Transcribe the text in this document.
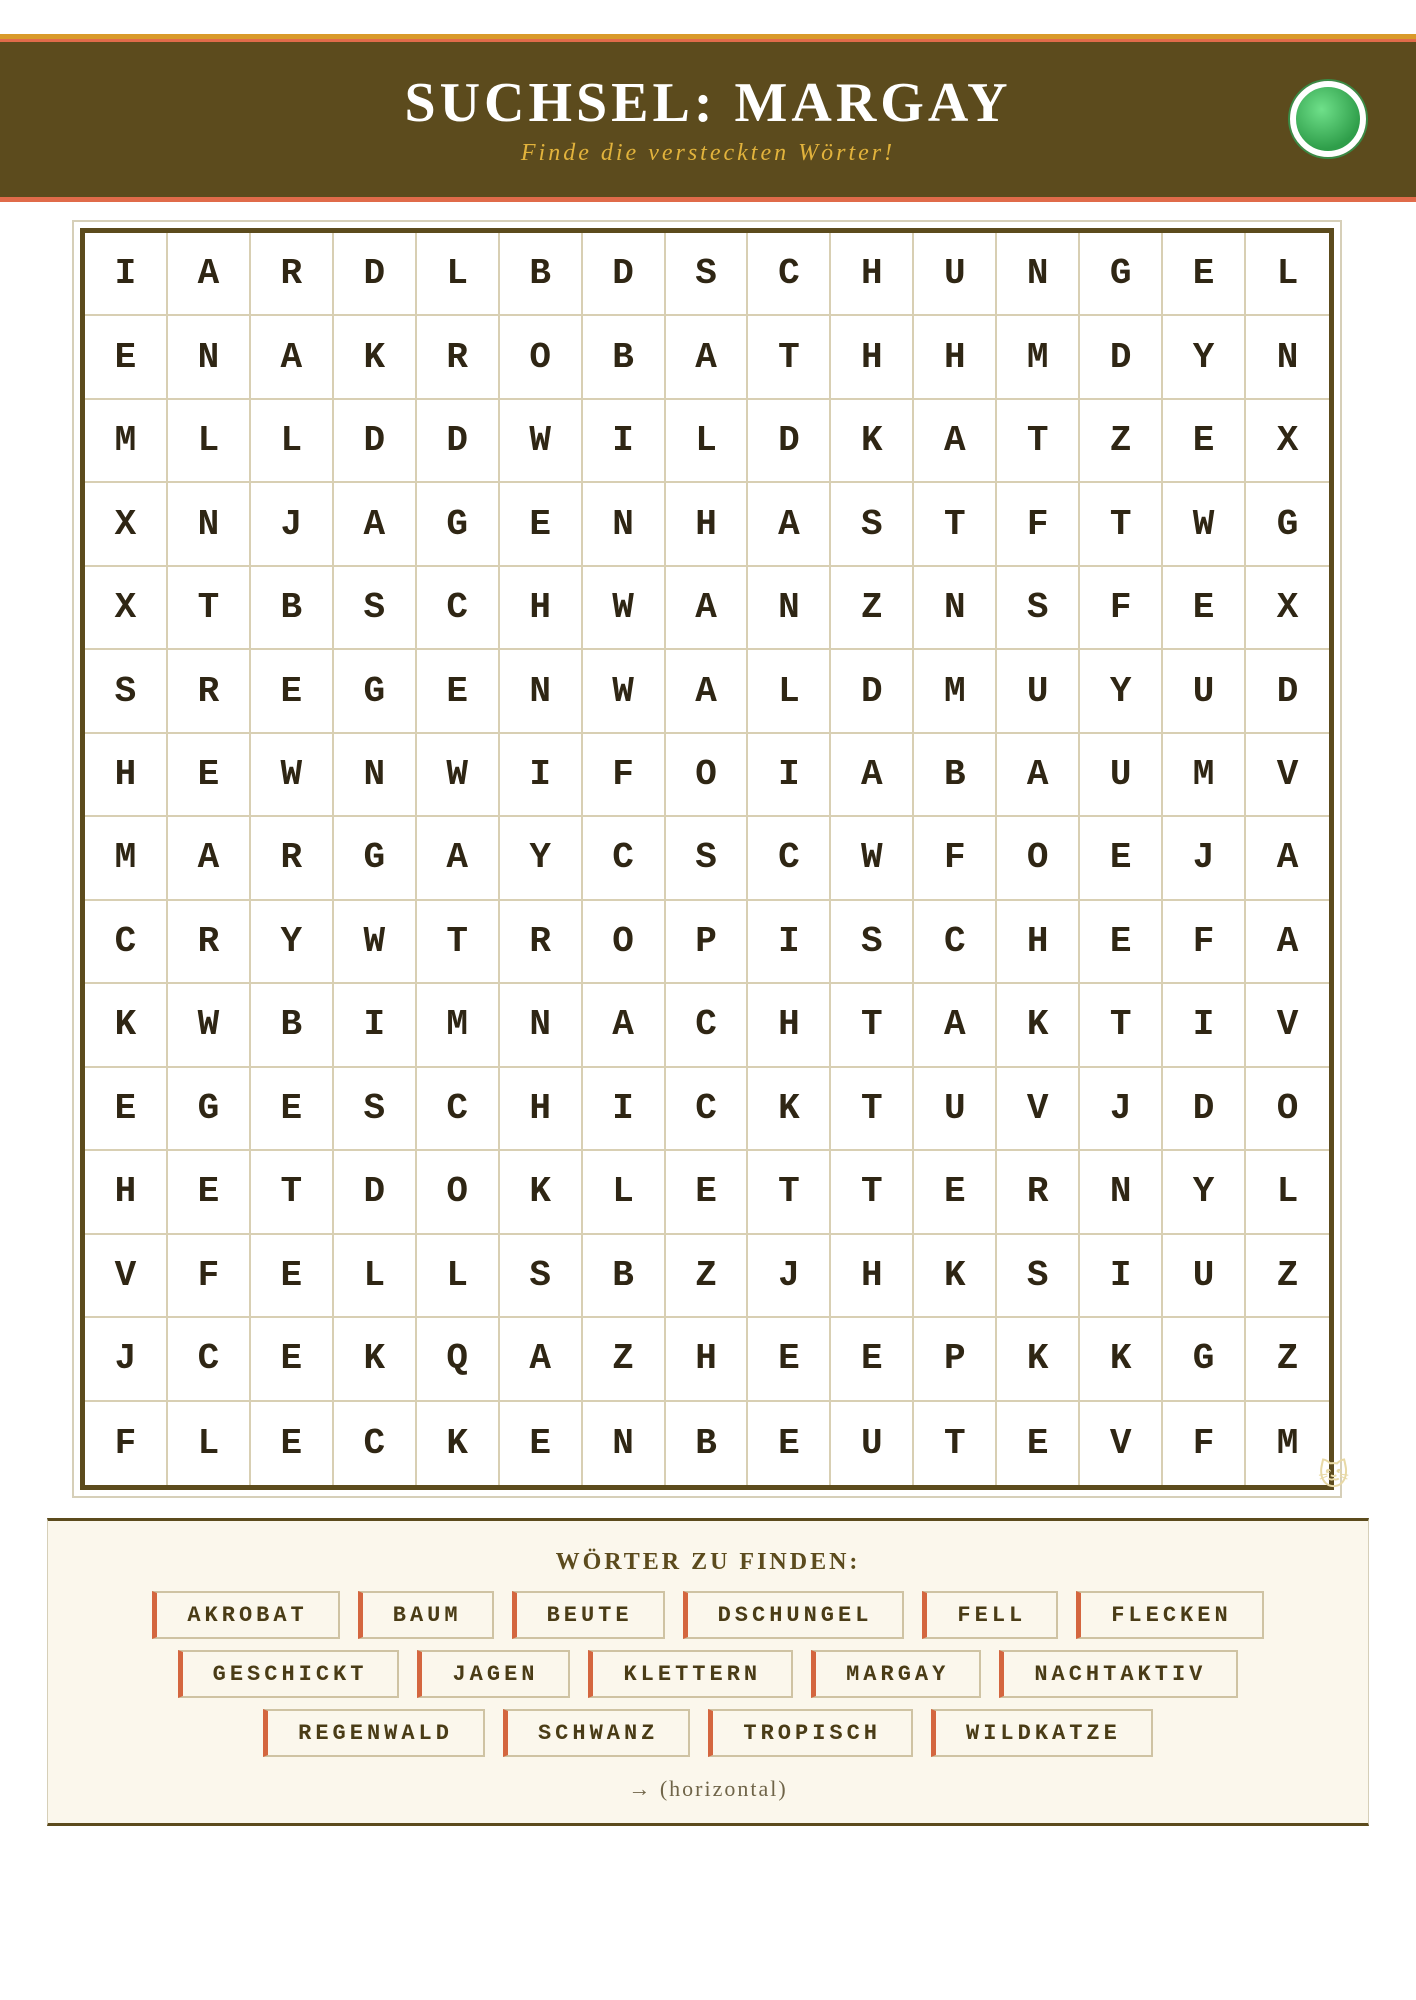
SUCHSEL: MARGAY
Finde die versteckten Wörter!
I	A	R	D	L	B	D	S	C	H	U	N	G	E	L
E	N	A	K	R	O	B	A	T	H	H	M	D	Y	N
M	L	L	D	D	W	I	L	D	K	A	T	Z	E	X
X	N	J	A	G	E	N	H	A	S	T	F	T	W	G
X	T	B	S	C	H	W	A	N	Z	N	S	F	E	X
S	R	E	G	E	N	W	A	L	D	M	U	Y	U	D
H	E	W	N	W	I	F	O	I	A	B	A	U	M	V
M	A	R	G	A	Y	C	S	C	W	F	O	E	J	A
C	R	Y	W	T	R	O	P	I	S	C	H	E	F	A
K	W	B	I	M	N	A	C	H	T	A	K	T	I	V
E	G	E	S	C	H	I	C	K	T	U	V	J	D	O
H	E	T	D	O	K	L	E	T	T	E	R	N	Y	L
V	F	E	L	L	S	B	Z	J	H	K	S	I	U	Z
J	C	E	K	Q	A	Z	H	E	E	P	K	K	G	Z
F	L	E	C	K	E	N	B	E	U	T	E	V	F	M
🐱
WÖRTER ZU FINDEN:
AKROBAT	BAUM	BEUTE	DSCHUNGEL	FELL	FLECKEN
GESCHICKT	JAGEN	KLETTERN	MARGAY	NACHTAKTIV
REGENWALD	SCHWANZ	TROPISCH	WILDKATZE
→ (horizontal)
